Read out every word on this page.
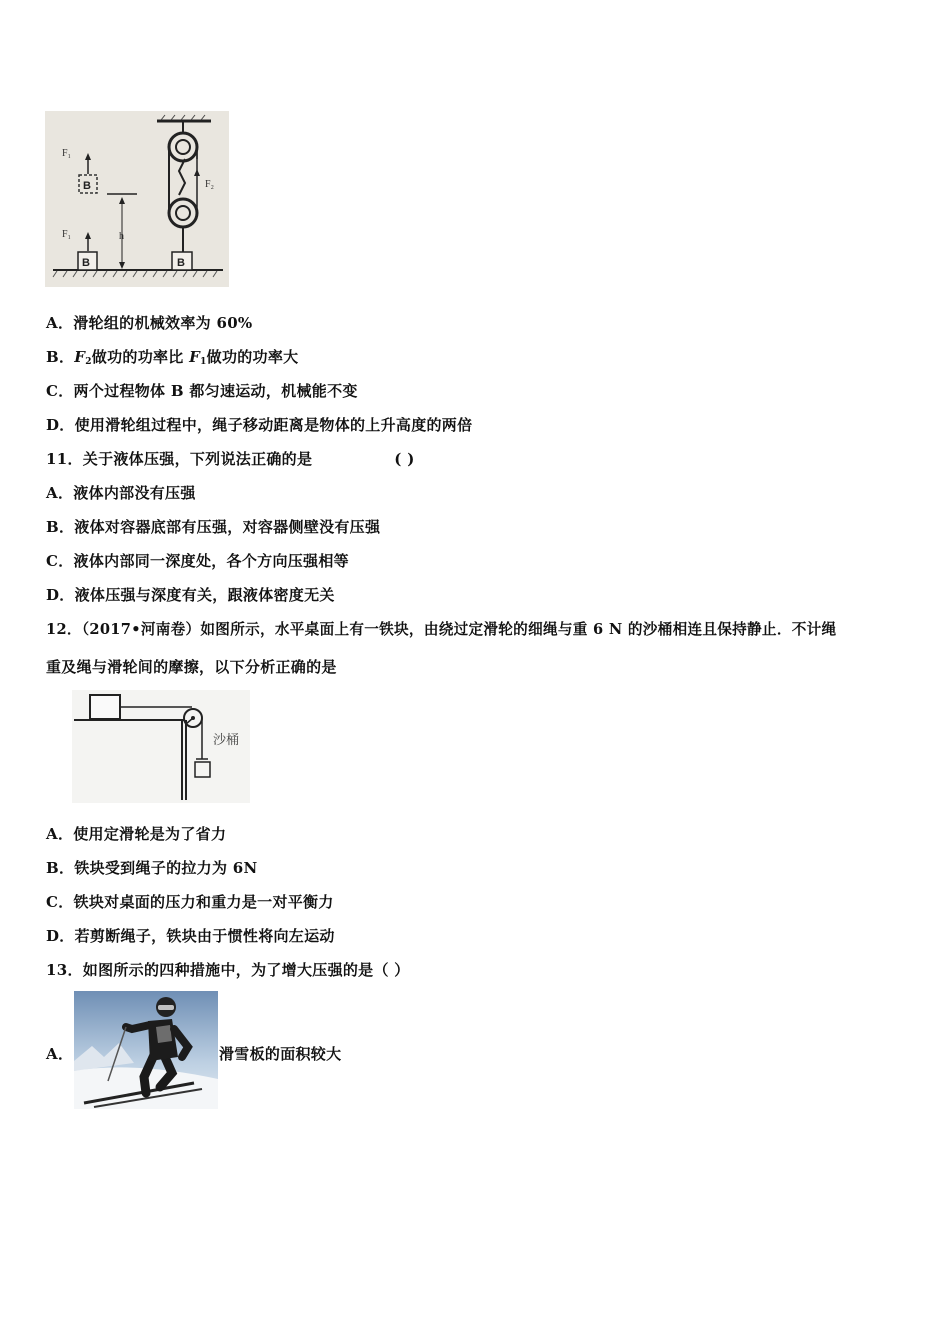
B
F₁
B
F₁	h
F₂
B
A．滑轮组的机械效率为 60%
B．$F_2$做功的功率比 $F_1$做功的功率大
C．两个过程物体 B 都匀速运动，机械能不变
D．使用滑轮组过程中，绳子移动距离是物体的上升高度的两倍
11．关于液体压强，下列说法正确的是	( )
A．液体内部没有压强
B．液体对容器底部有压强，对容器侧壁没有压强
C．液体内部同一深度处，各个方向压强相等
D．液体压强与深度有关，跟液体密度无关
12．（2017•河南卷）如图所示，水平桌面上有一铁块，由绕过定滑轮的细绳与重 6 N 的沙桶相连且保持静止．不计绳
重及绳与滑轮间的摩擦，以下分析正确的是
沙桶
A．使用定滑轮是为了省力
B．铁块受到绳子的拉力为 6N
C．铁块对桌面的压力和重力是一对平衡力
D．若剪断绳子，铁块由于惯性将向左运动
13．如图所示的四种措施中，为了增大压强的是（ ）
A．	滑雪板的面积较大
